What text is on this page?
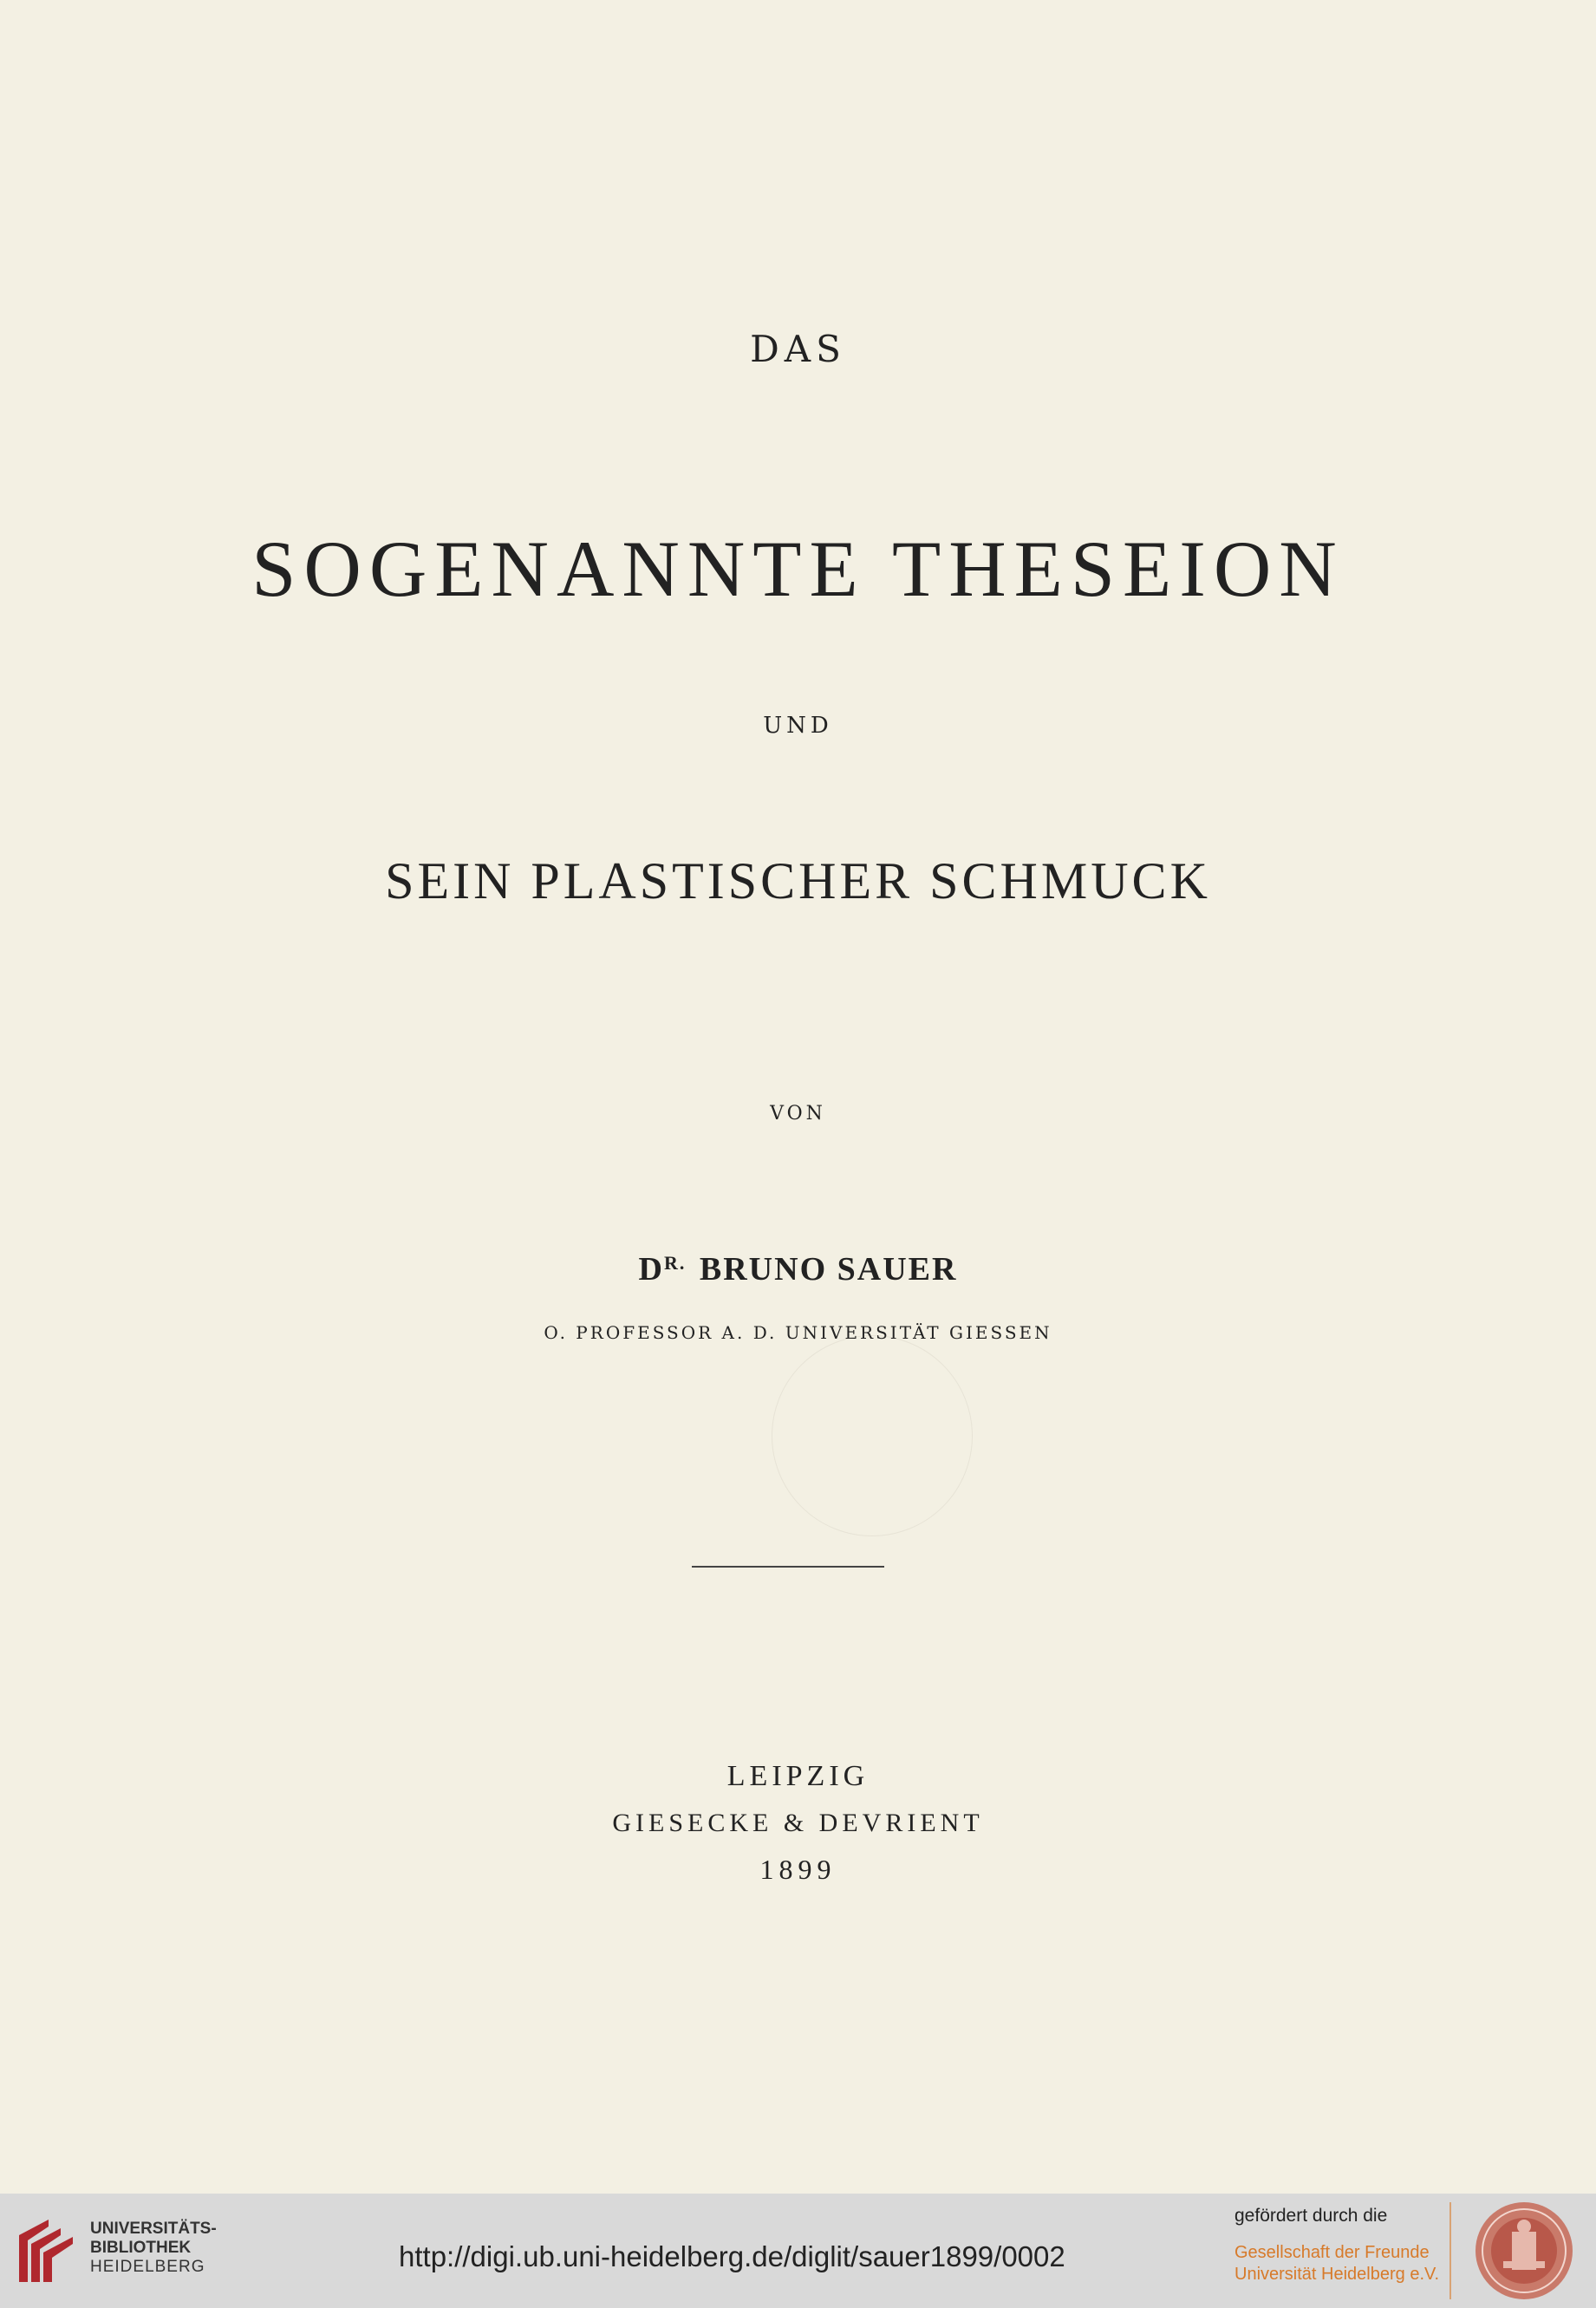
DAS
SOGENANNTE THESEION
UND
SEIN PLASTISCHER SCHMUCK
VON
$D^{R.}$ BRUNO SAUER
O. PROFESSOR A. D. UNIVERSITÄT GIESSEN
LEIPZIG
GIESECKE & DEVRIENT
1899
UNIVERSITÄTS-
BIBLIOTHEK
HEIDELBERG	http://digi.ub.uni-heidelberg.de/diglit/sauer1899/0002
gefördert durch die
Gesellschaft der Freunde
Universität Heidelberg e.V.
